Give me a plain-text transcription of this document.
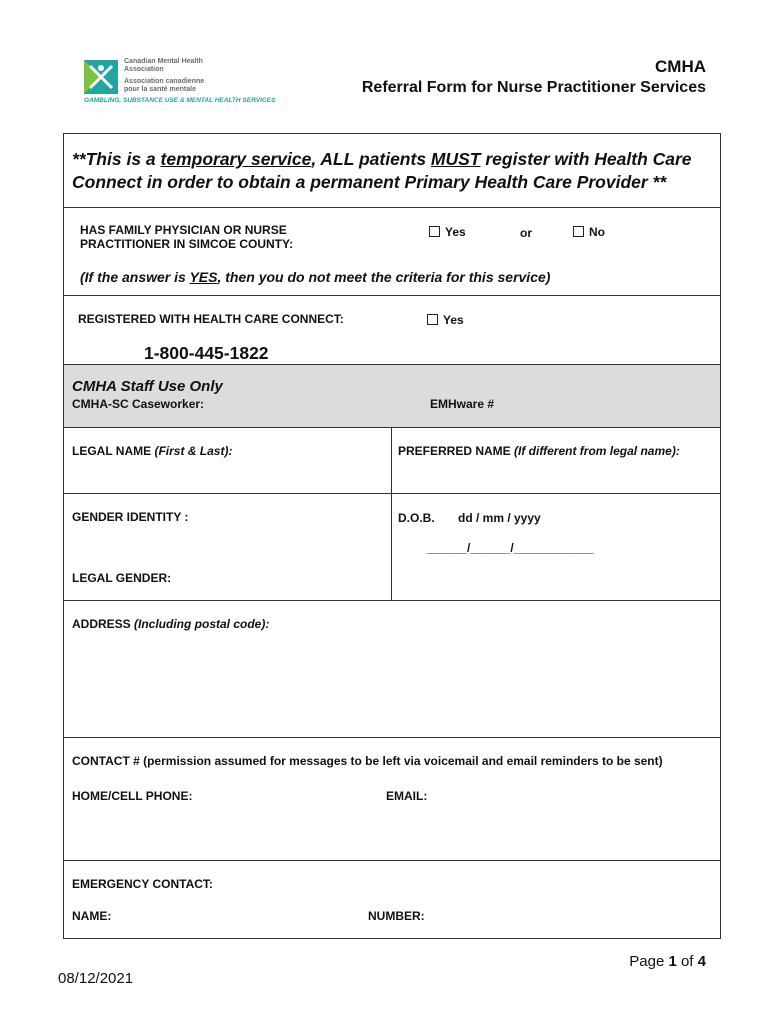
Canadian Mental Health Association
Association canadienne pour la santé mentale
GAMBLING, SUBSTANCE USE & MENTAL HEALTH SERVICES
CMHA
Referral Form for Nurse Practitioner Services
**This is a temporary service, ALL patients MUST register with Health Care Connect in order to obtain a permanent Primary Health Care Provider **
HAS FAMILY PHYSICIAN OR NURSE
PRACTITIONER IN SIMCOE COUNTY:
Yes	or	No
(If the answer is YES, then you do not meet the criteria for this service)
REGISTERED WITH HEALTH CARE CONNECT:	Yes
1-800-445-1822
CMHA Staff Use Only
CMHA-SC Caseworker:	EMHware #
LEGAL NAME (First & Last):	PREFERRED NAME (If different from legal name):
GENDER IDENTITY :
LEGAL GENDER:
D.O.B. dd / mm / yyyy
______/______/____________
ADDRESS (Including postal code):
CONTACT # (permission assumed for messages to be left via voicemail and email reminders to be sent)
HOME/CELL PHONE:	EMAIL:
EMERGENCY CONTACT:
NAME:	NUMBER:
Page 1 of 4
08/12/2021
